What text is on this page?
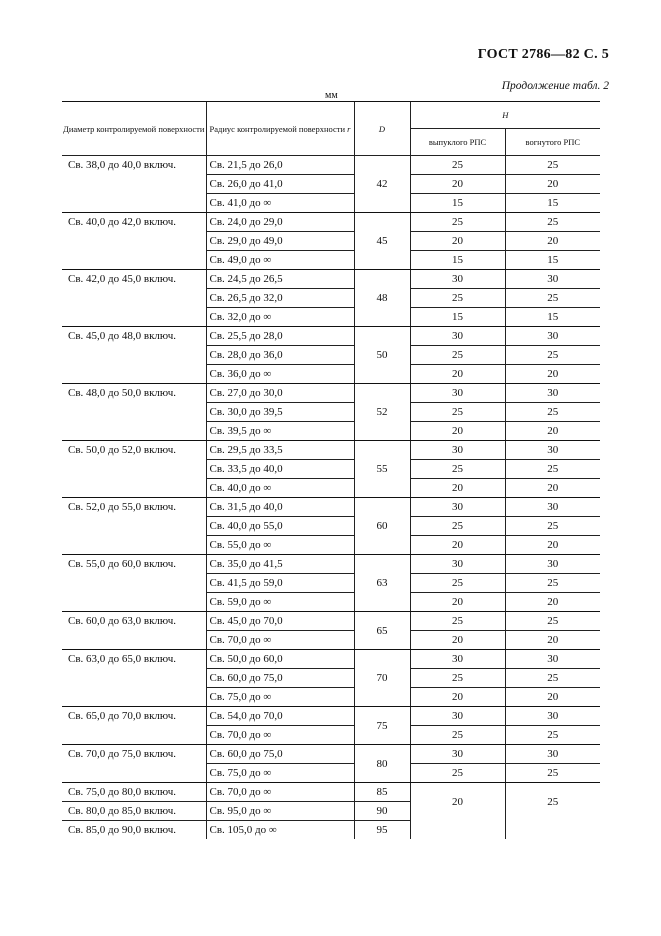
ГОСТ 2786—82 С. 5
Продолжение табл. 2
мм
Диаметр контролируемой поверхности	Радиус контролируемой поверхности r	D	H	
			выпуклого РПС	вогнутого РПС
Св. 38,0 до 40,0 включ.	Св. 21,5 до 26,0	42	25	25
	Св. 26,0 до 41,0		20	20
	Св. 41,0 до ∞		15	15
Св. 40,0 до 42,0 включ.	Св. 24,0 до 29,0	45	25	25
	Св. 29,0 до 49,0		20	20
	Св. 49,0 до ∞		15	15
Св. 42,0 до 45,0 включ.	Св. 24,5 до 26,5	48	30	30
	Св. 26,5 до 32,0		25	25
	Св. 32,0 до ∞		15	15
Св. 45,0 до 48,0 включ.	Св. 25,5 до 28,0	50	30	30
	Св. 28,0 до 36,0		25	25
	Св. 36,0 до ∞		20	20
Св. 48,0 до 50,0 включ.	Св. 27,0 до 30,0	52	30	30
	Св. 30,0 до 39,5		25	25
	Св. 39,5 до ∞		20	20
Св. 50,0 до 52,0 включ.	Св. 29,5 до 33,5	55	30	30
	Св. 33,5 до 40,0		25	25
	Св. 40,0 до ∞		20	20
Св. 52,0 до 55,0 включ.	Св. 31,5 до 40,0	60	30	30
	Св. 40,0 до 55,0		25	25
	Св. 55,0 до ∞		20	20
Св. 55,0 до 60,0 включ.	Св. 35,0 до 41,5	63	30	30
	Св. 41,5 до 59,0		25	25
	Св. 59,0 до ∞		20	20
Св. 60,0 до 63,0 включ.	Св. 45,0 до 70,0	65	25	25
	Св. 70,0 до ∞		20	20
Св. 63,0 до 65,0 включ.	Св. 50,0 до 60,0	70	30	30
	Св. 60,0 до 75,0		25	25
	Св. 75,0 до ∞		20	20
Св. 65,0 до 70,0 включ.	Св. 54,0 до 70,0	75	30	30
	Св. 70,0 до ∞		25	25
Св. 70,0 до 75,0 включ.	Св. 60,0 до 75,0	80	30	30
	Св. 75,0 до ∞		25	25
Св. 75,0 до 80,0 включ.	Св. 70,0 до ∞	85	20	25
Св. 80,0 до 85,0 включ.	Св. 95,0 до ∞	90		
Св. 85,0 до 90,0 включ.	Св. 105,0 до ∞	95		
